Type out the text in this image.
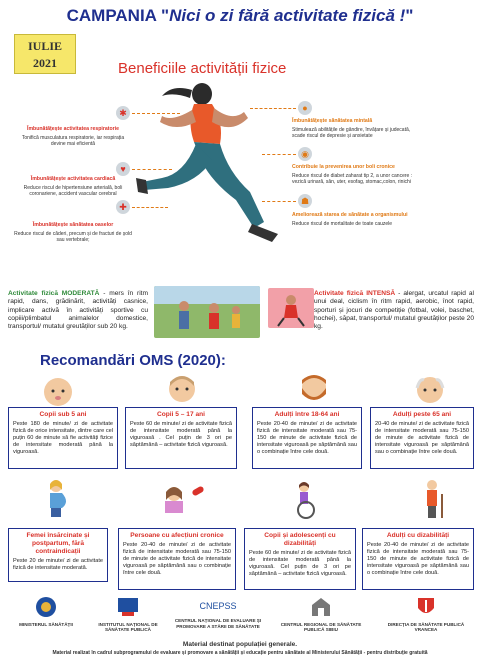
CAMPANIA "Nici o zi fără activitate fizică !"
IULIE
2021	Beneficiile activității fizice
✱
♥
✚
●
◉
☗
Îmbunătățește activitatea respiratorie
Tonifică musculatura respiratorie, iar respirația devine mai eficientă
Îmbunătățește activitatea cardiacă
Reduce riscul de hipertensiune arterială, boli coronariene, accident vascular cerebral
Îmbunătățește sănătatea oaselor
Reduce riscul de căderi, precum și de fracturi de șold sau vertebrale;
Îmbunătățește sănătatea mintală
Stimulează abilitățile de gândire, învățare și judecată, scade riscul de depresie și anxietate
Contribuie la prevenirea unor boli cronice
Reduce riscul de diabet zaharat tip 2, a unor cancere : vezică urinară, sân, uter, esofag, stomac,colon, rinichi
Ameliorează starea de sănătate a organismului
Reduce riscul de mortalitate de toate cauzele
Activitate fizică MODERATĂ - mers în ritm rapid, dans, grădinărit, activități casnice, implicare activă în activități sportive cu copiii/plimbatul animalelor domestice, transportul/ mutatul greutăților sub 20 kg.
Activitate fizică INTENSĂ - alergat, urcatul rapid al unui deal, ciclism în ritm rapid, aerobic, înot rapid, sporturi și jocuri de competiție (fotbal, volei, baschet, hochei), săpat, transportul/ mutatul greutăților peste 20 kg.
Recomandări OMS (2020):
Copii sub 5 ani
Peste 180 de minute/ zi de activitate fizică de orice intensitate, dintre care cel puțin 60 de minute să fie activități fizice de intensitate moderată până la viguroasă.
Copii 5 – 17 ani
Peste 60 de minute/ zi de activitate fizică de intensitate moderată până la viguroasă . Cel puțin de 3 ori pe săptămână – activitate fizică viguroasă.
Adulți între 18-64 ani
Peste 20-40 de minute/ zi de activitate fizică de intensitate moderată sau 75-150 de minute de activitate fizică de intensitate viguroasă pe săptămână sau o combinație între cele două.
Adulți peste 65 ani
20-40 de minute/ zi de activitate fizică de intensitate moderată sau 75-150 de minute de activitate fizică de intensitate viguroasă pe săptămână sau o combinație între cele două.
Femei însărcinate și postpartum, fără contraindicații
Peste 20 de minute/ zi de activitate fizică de intensitate moderată.
Persoane cu afecțiuni cronice
Peste 20-40 de minute/ zi de activitate fizică de intensitate moderată sau 75-150 de minute de activitate fizică de intensitate viguroasă pe săptămână sau o combinație între cele două.
Copii și adolescenți cu dizabilități
Peste 60 de minute/ zi de activitate fizică de intensitate moderată până la viguroasă. Cel puțin de 3 ori pe săptămână – activitate fizică viguroasă.
Adulți cu dizabilități
Peste 20-40 de minute/ zi de activitate fizică de intensitate moderată sau 75-150 de minute de activitate fizică de intensitate viguroasă pe săptămână sau o combinație între cele două.
MINISTERUL SĂNĂTĂȚII	INSTITUTUL NAȚIONAL DE SĂNĂTATE PUBLICĂ
CNEPSS
CENTRUL NAȚIONAL DE EVALUARE ȘI PROMOVARE A STĂRII DE SĂNĂTATE	CENTRUL REGIONAL DE SĂNĂTATE PUBLICĂ SIBIU
DIRECȚIA DE SĂNĂTATE PUBLICĂ VRANCEA
Material destinat populației generale.
Material realizat în cadrul subprogramului de evaluare și promovare a sănătății și educație pentru sănătate al Ministerului Sănătății - pentru distribuție gratuită
